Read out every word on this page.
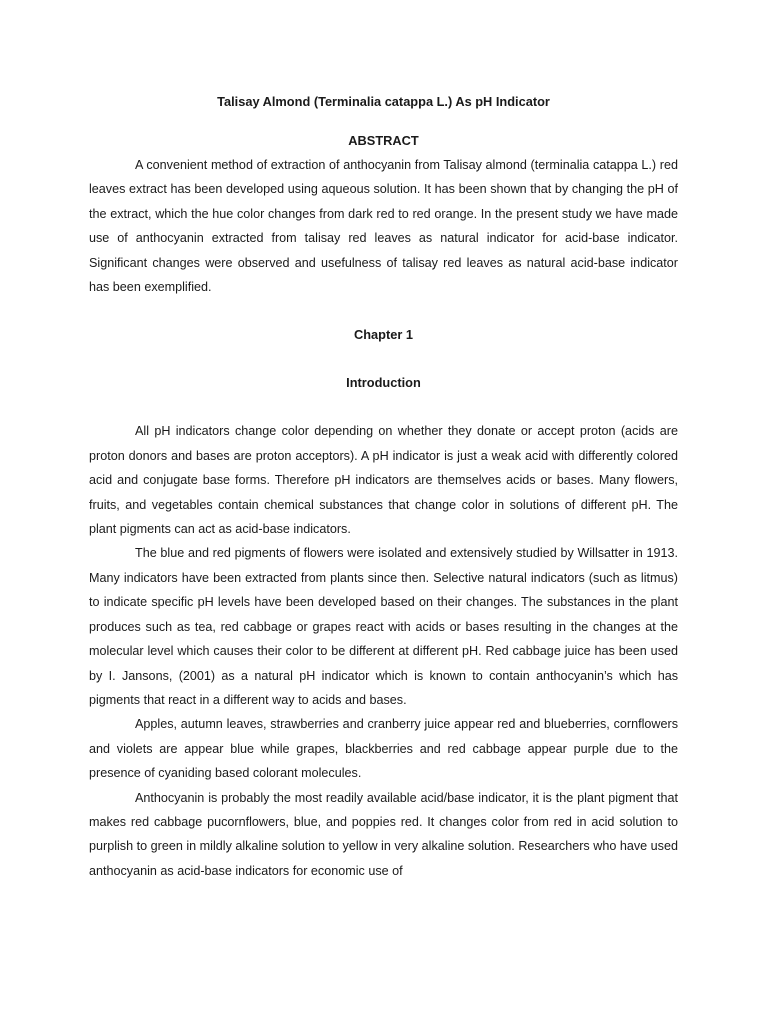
Talisay Almond (Terminalia catappa L.) As pH Indicator
ABSTRACT

A convenient method of extraction of anthocyanin from Talisay almond (terminalia catappa L.) red leaves extract has been developed using aqueous solution. It has been shown that by changing the pH of the extract, which the hue color changes from dark red to red orange. In the present study we have made use of anthocyanin extracted from talisay red leaves as natural indicator for acid-base indicator. Significant changes were observed and usefulness of talisay red leaves as natural acid-base indicator has been exemplified.

Chapter 1
Introduction

All pH indicators change color depending on whether they donate or accept proton (acids are proton donors and bases are proton acceptors). A pH indicator is just a weak acid with differently colored acid and conjugate base forms. Therefore pH indicators are themselves acids or bases. Many flowers, fruits, and vegetables contain chemical substances that change color in solutions of different pH. The plant pigments can act as acid-base indicators.

The blue and red pigments of flowers were isolated and extensively studied by Willsatter in 1913. Many indicators have been extracted from plants since then. Selective natural indicators (such as litmus) to indicate specific pH levels have been developed based on their changes. The substances in the plant produces such as tea, red cabbage or grapes react with acids or bases resulting in the changes at the molecular level which causes their color to be different at different pH. Red cabbage juice has been used by I. Jansons, (2001) as a natural pH indicator which is known to contain anthocyanin’s which has pigments that react in a different way to acids and bases.

Apples, autumn leaves, strawberries and cranberry juice appear red and blueberries, cornflowers and violets are appear blue while grapes, blackberries and red cabbage appear purple due to the presence of cyaniding based colorant molecules.

Anthocyanin is probably the most readily available acid/base indicator, it is the plant pigment that makes red cabbage pucornflowers, blue, and poppies red. It changes color from red in acid solution to purplish to green in mildly alkaline solution to yellow in very alkaline solution. Researchers who have used anthocyanin as acid-base indicators for economic use of
